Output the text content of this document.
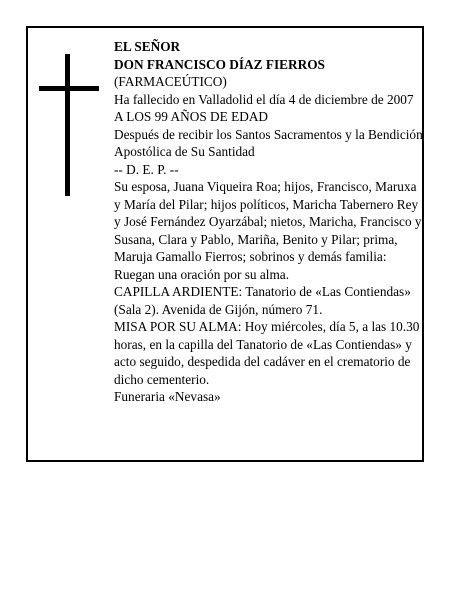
EL SEÑOR

DON FRANCISCO DÍAZ FIERROS

(FARMACEÚTICO)

Ha fallecido en Valladolid el día 4 de diciembre de 2007

A LOS 99 AÑOS DE EDAD

Después de recibir los Santos Sacramentos y la Bendición Apostólica de Su Santidad

-- D. E. P. --

Su esposa, Juana Viqueira Roa; hijos, Francisco, Maruxa y María del Pilar; hijos políticos, Maricha Tabernero Rey y José Fernández Oyarzábal; nietos, Maricha, Francisco y Susana, Clara y Pablo, Mariña, Benito y Pilar; prima, Maruja Gamallo Fierros; sobrinos y demás familia:

Ruegan una oración por su alma.

CAPILLA ARDIENTE: Tanatorio de «Las Contiendas» (Sala 2). Avenida de Gijón, número 71.

MISA POR SU ALMA: Hoy miércoles, día 5, a las 10.30 horas, en la capilla del Tanatorio de «Las Contiendas» y acto seguido, despedida del cadáver en el crematorio de dicho cementerio.

Funeraria «Nevasa»
